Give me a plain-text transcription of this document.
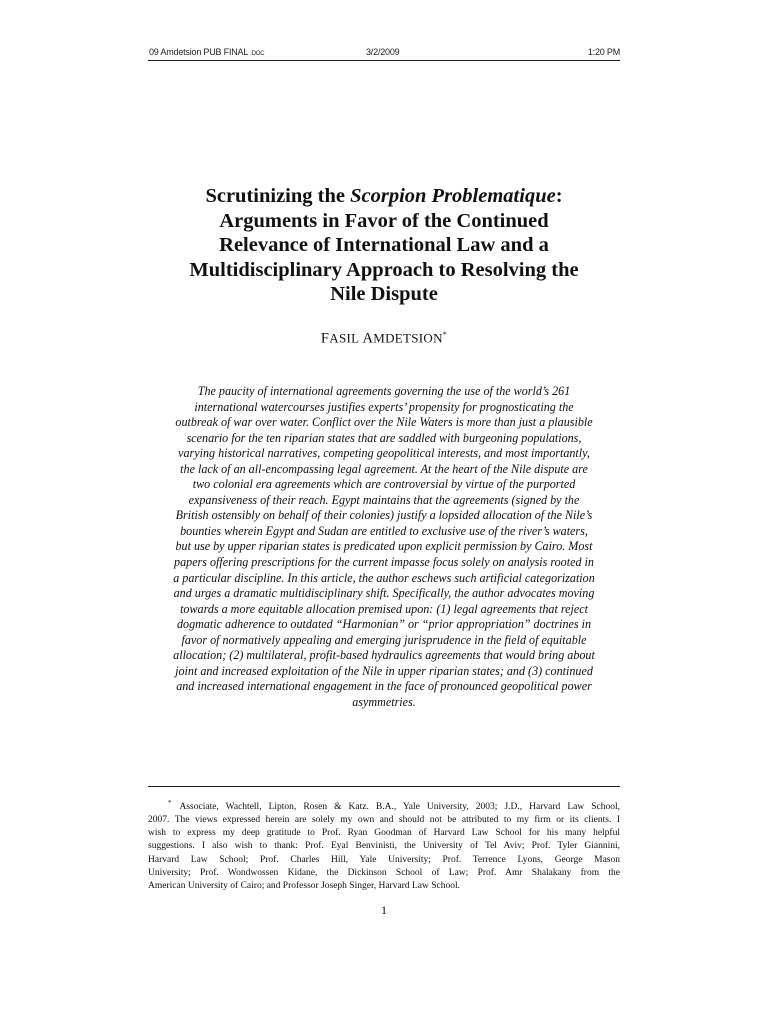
09 Amdetsion PUB FINAL .DOC	3/2/2009	1:20 PM
Scrutinizing the Scorpion Problematique:
Arguments in Favor of the Continued
Relevance of International Law and a
Multidisciplinary Approach to Resolving the
Nile Dispute
FASIL AMDETSION*
The paucity of international agreements governing the use of the world’s 261
international watercourses justifies experts’ propensity for prognosticating the
outbreak of war over water. Conflict over the Nile Waters is more than just a plausible
scenario for the ten riparian states that are saddled with burgeoning populations,
varying historical narratives, competing geopolitical interests, and most importantly,
the lack of an all-encompassing legal agreement. At the heart of the Nile dispute are
two colonial era agreements which are controversial by virtue of the purported
expansiveness of their reach. Egypt maintains that the agreements (signed by the
British ostensibly on behalf of their colonies) justify a lopsided allocation of the Nile’s
bounties wherein Egypt and Sudan are entitled to exclusive use of the river’s waters,
but use by upper riparian states is predicated upon explicit permission by Cairo. Most
papers offering prescriptions for the current impasse focus solely on analysis rooted in
a particular discipline. In this article, the author eschews such artificial categorization
and urges a dramatic multidisciplinary shift. Specifically, the author advocates moving
towards a more equitable allocation premised upon: (1) legal agreements that reject
dogmatic adherence to outdated “Harmonian” or “prior appropriation” doctrines in
favor of normatively appealing and emerging jurisprudence in the field of equitable
allocation; (2) multilateral, profit-based hydraulics agreements that would bring about
joint and increased exploitation of the Nile in upper riparian states; and (3) continued
and increased international engagement in the face of pronounced geopolitical power
asymmetries.
* Associate, Wachtell, Lipton, Rosen & Katz. B.A., Yale University, 2003; J.D., Harvard Law School,
2007. The views expressed herein are solely my own and should not be attributed to my firm or its clients. I
wish to express my deep gratitude to Prof. Ryan Goodman of Harvard Law School for his many helpful
suggestions. I also wish to thank: Prof. Eyal Benvinisti, the University of Tel Aviv; Prof. Tyler Giannini,
Harvard Law School; Prof. Charles Hill, Yale University; Prof. Terrence Lyons, George Mason
University; Prof. Wondwossen Kidane, the Dickinson School of Law; Prof. Amr Shalakany from the
American University of Cairo; and Professor Joseph Singer, Harvard Law School.
1
